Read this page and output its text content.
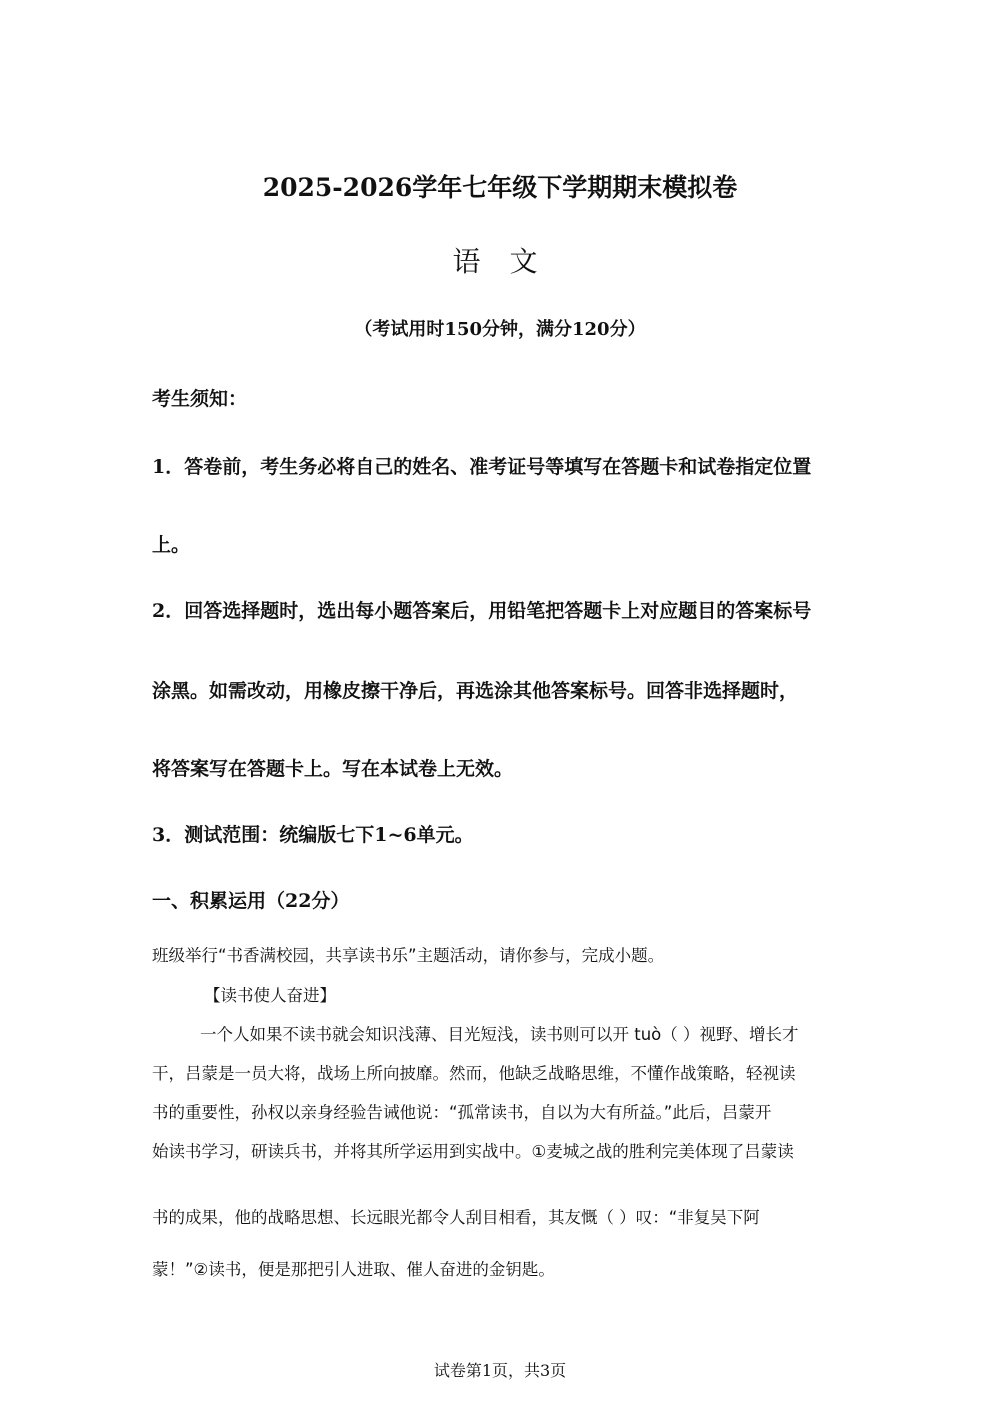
2025-2026学年七年级下学期期末模拟卷
语 文
（考试用时150分钟，满分120分）
考生须知：
1．答卷前，考生务必将自己的姓名、准考证号等填写在答题卡和试卷指定位置
上。
2．回答选择题时，选出每小题答案后，用铅笔把答题卡上对应题目的答案标号
涂黑。如需改动，用橡皮擦干净后，再选涂其他答案标号。回答非选择题时，
将答案写在答题卡上。写在本试卷上无效。
3．测试范围：统编版七下1~6单元。
一、积累运用（22分）
班级举行“书香满校园，共享读书乐”主题活动，请你参与，完成小题。
【读书使人奋进】
一个人如果不读书就会知识浅薄、目光短浅，读书则可以开 tuò（ ）视野、增长才
干，吕蒙是一员大将，战场上所向披靡。然而，他缺乏战略思维，不懂作战策略，轻视读
书的重要性，孙权以亲身经验告诫他说：“孤常读书，自以为大有所益。”此后，吕蒙开
始读书学习，研读兵书，并将其所学运用到实战中。①麦城之战的胜利完美体现了吕蒙读
书的成果，他的战略思想、长远眼光都令人刮目相看，其友慨（ ）叹：“非复吴下阿
蒙！”②读书，便是那把引人进取、催人奋进的金钥匙。
试卷第1页，共3页
